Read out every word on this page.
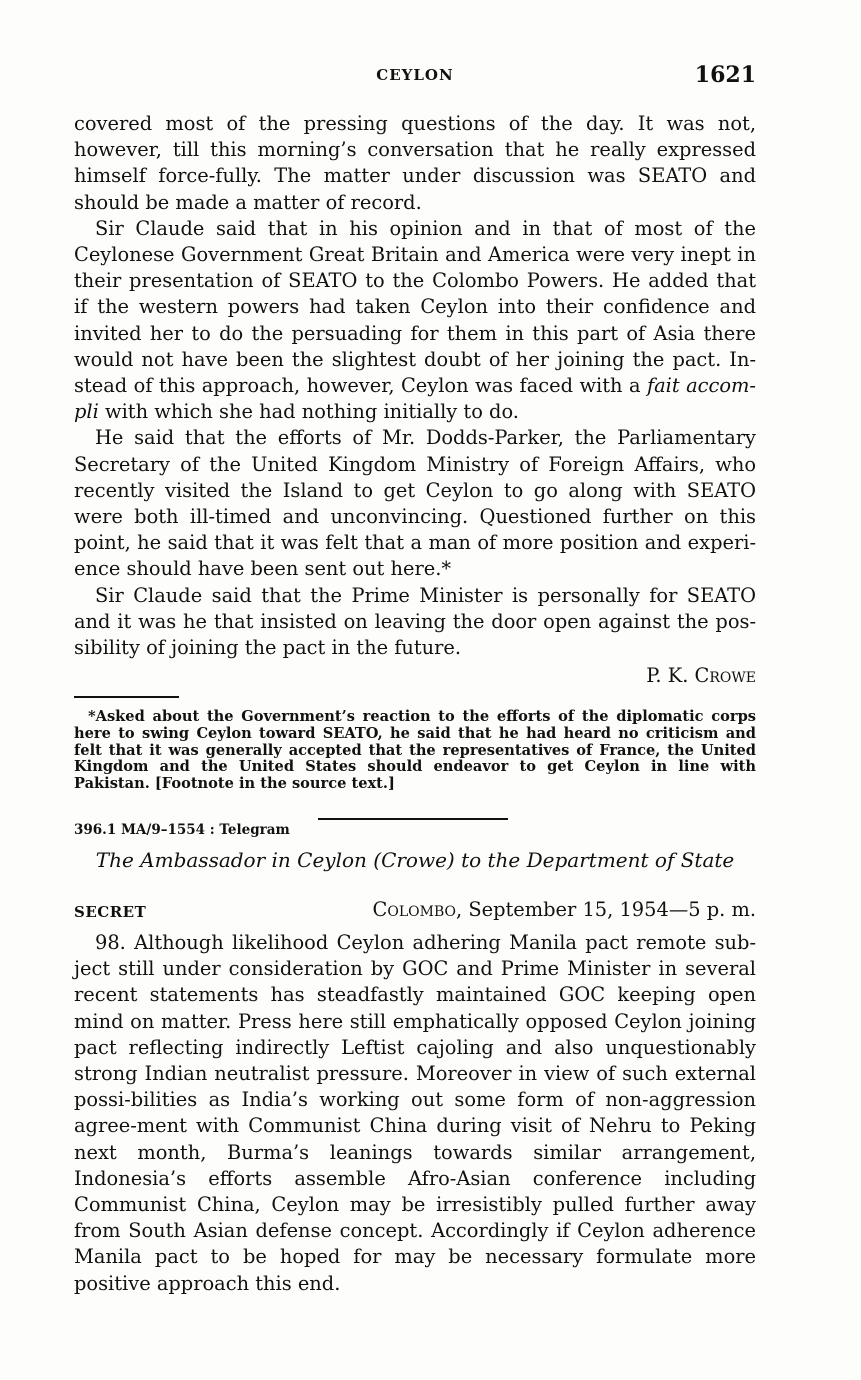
CEYLON	1621

covered most of the pressing questions of the day. It was not, however, till this morning’s conversation that he really expressed himself force-fully. The matter under discussion was SEATO and should be made a matter of record.

Sir Claude said that in his opinion and in that of most of the Ceylonese Government Great Britain and America were very inept in their presentation of SEATO to the Colombo Powers. He added that if the western powers had taken Ceylon into their confidence and invited her to do the persuading for them in this part of Asia there would not have been the slightest doubt of her joining the pact. In-stead of this approach, however, Ceylon was faced with a fait accom-pli with which she had nothing initially to do.

He said that the efforts of Mr. Dodds-Parker, the Parliamentary Secretary of the United Kingdom Ministry of Foreign Affairs, who recently visited the Island to get Ceylon to go along with SEATO were both ill-timed and unconvincing. Questioned further on this point, he said that it was felt that a man of more position and experi-ence should have been sent out here.*

Sir Claude said that the Prime Minister is personally for SEATO and it was he that insisted on leaving the door open against the pos-sibility of joining the pact in the future.

P. K. Crowe

*Asked about the Government’s reaction to the efforts of the diplomatic corps here to swing Ceylon toward SEATO, he said that he had heard no criticism and felt that it was generally accepted that the representatives of France, the United Kingdom and the United States should endeavor to get Ceylon in line with Pakistan. [Footnote in the source text.]

396.1 MA/9–1554 : Telegram
The Ambassador in Ceylon (Crowe) to the Department of State
SECRET	Colombo, September 15, 1954—5 p. m.

98. Although likelihood Ceylon adhering Manila pact remote sub-ject still under consideration by GOC and Prime Minister in several recent statements has steadfastly maintained GOC keeping open mind on matter. Press here still emphatically opposed Ceylon joining pact reflecting indirectly Leftist cajoling and also unquestionably strong Indian neutralist pressure. Moreover in view of such external possi-bilities as India’s working out some form of non-aggression agree-ment with Communist China during visit of Nehru to Peking next month, Burma’s leanings towards similar arrangement, Indonesia’s efforts assemble Afro-Asian conference including Communist China, Ceylon may be irresistibly pulled further away from South Asian defense concept. Accordingly if Ceylon adherence Manila pact to be hoped for may be necessary formulate more positive approach this end.
